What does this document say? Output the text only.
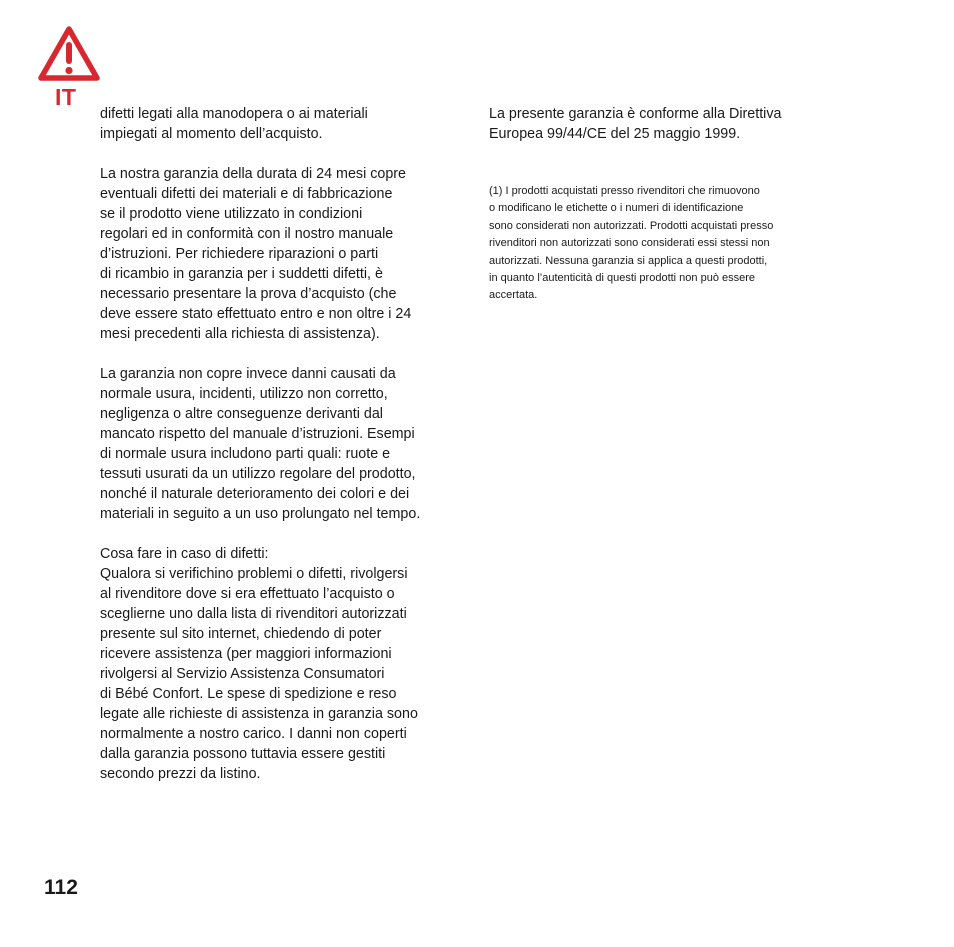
IT

difetti legati alla manodopera o ai materiali
impiegati al momento dell’acquisto.

La nostra garanzia della durata di 24 mesi copre
eventuali difetti dei materiali e di fabbricazione
se il prodotto viene utilizzato in condizioni
regolari ed in conformità con il nostro manuale
d’istruzioni. Per richiedere riparazioni o parti
di ricambio in garanzia per i suddetti difetti, è
necessario presentare la prova d’acquisto (che
deve essere stato effettuato entro e non oltre i 24
mesi precedenti alla richiesta di assistenza).

La garanzia non copre invece danni causati da
normale usura, incidenti, utilizzo non corretto,
negligenza o altre conseguenze derivanti dal
mancato rispetto del manuale d’istruzioni. Esempi
di normale usura includono parti quali: ruote e
tessuti usurati da un utilizzo regolare del prodotto,
nonché il naturale deterioramento dei colori e dei
materiali in seguito a un uso prolungato nel tempo.

Cosa fare in caso di difetti:
Qualora si verifichino problemi o difetti, rivolgersi
al rivenditore dove si era effettuato l’acquisto o
sceglierne uno dalla lista di rivenditori autorizzati
presente sul sito internet, chiedendo di poter
ricevere assistenza (per maggiori informazioni
rivolgersi al Servizio Assistenza Consumatori
di Bébé Confort. Le spese di spedizione e reso
legate alle richieste di assistenza in garanzia sono
normalmente a nostro carico. I danni non coperti
dalla garanzia possono tuttavia essere gestiti
secondo prezzi da listino.

La presente garanzia è conforme alla Direttiva
Europea 99/44/CE del 25 maggio 1999.

(1) I prodotti acquistati presso rivenditori che rimuovono
o modificano le etichette o i numeri di identificazione
sono considerati non autorizzati. Prodotti acquistati presso
rivenditori non autorizzati sono considerati essi stessi non
autorizzati. Nessuna garanzia si applica a questi prodotti,
in quanto l’autenticità di questi prodotti non può essere
accertata.
112
